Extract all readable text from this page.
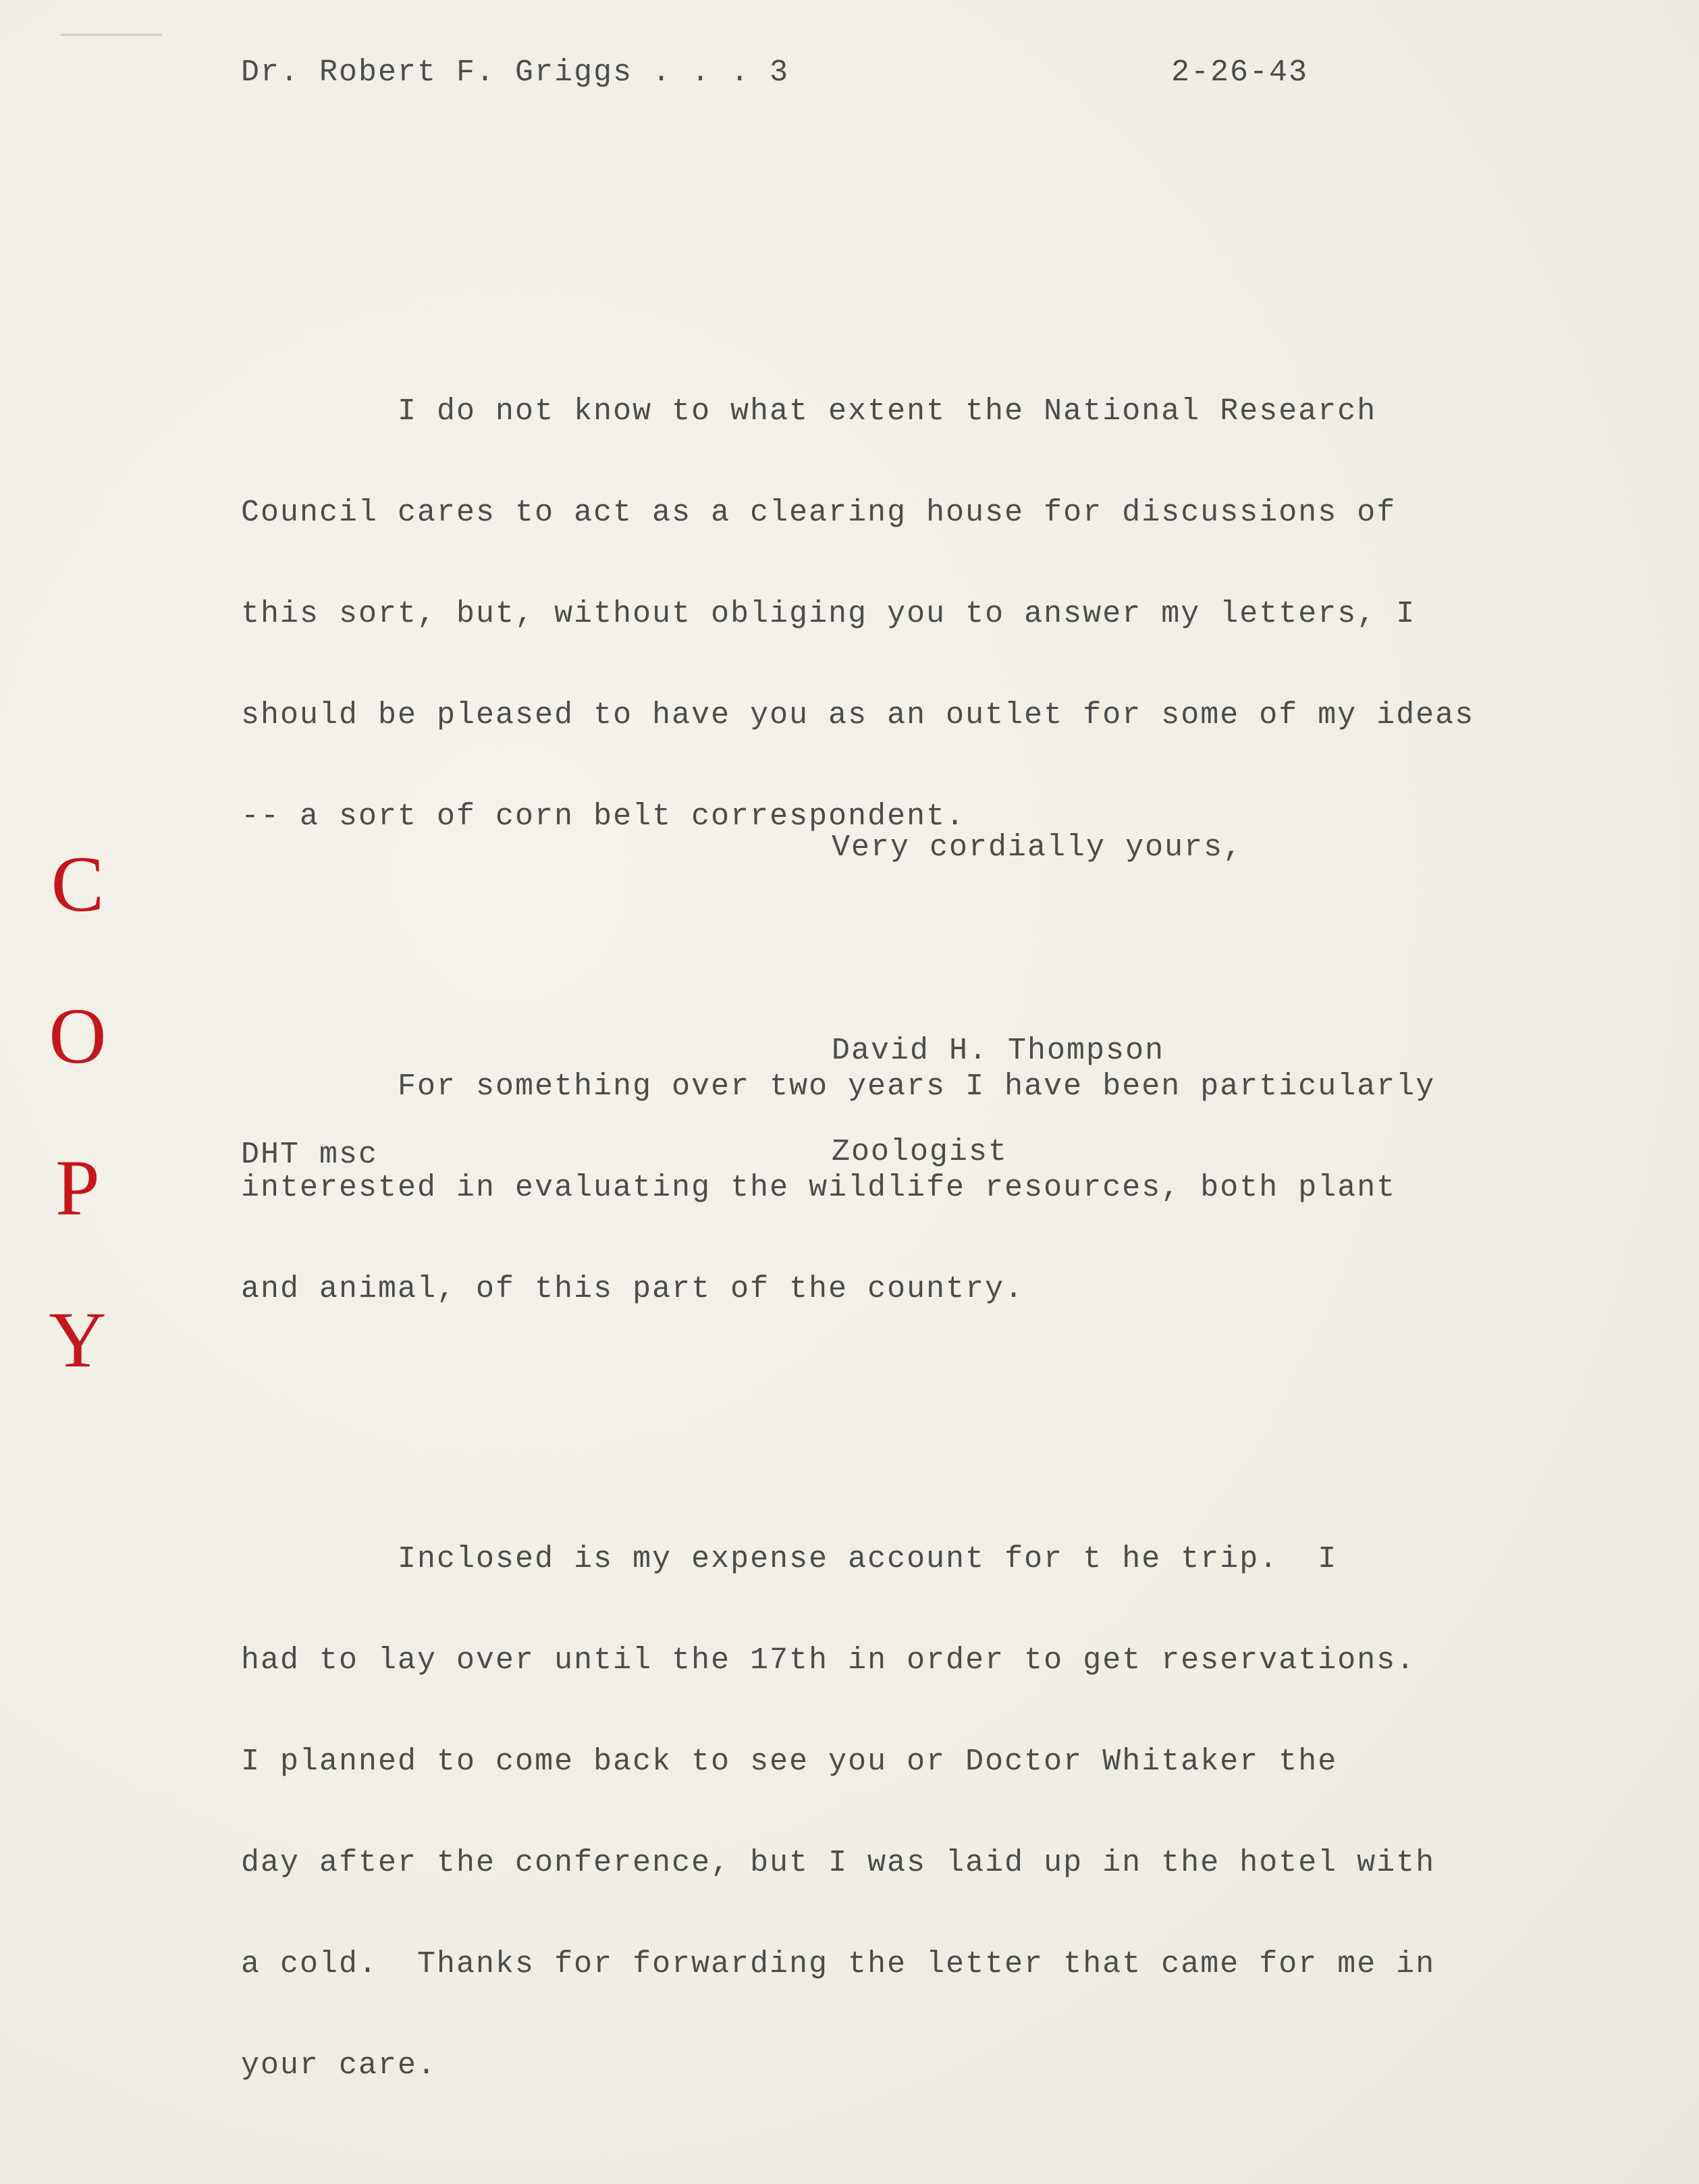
Dr. Robert F. Griggs . . . 3	2-26-43

I do not know to what extent the National Research

Council cares to act as a clearing house for discussions of

this sort, but, without obliging you to answer my letters, I

should be pleased to have you as an outlet for some of my ideas

-- a sort of corn belt correspondent.

For something over two years I have been particularly

interested in evaluating the wildlife resources, both plant

and animal, of this part of the country.

Inclosed is my expense account for t he trip.  I

had to lay over until the 17th in order to get reservations.

I planned to come back to see you or Doctor Whitaker the

day after the conference, but I was laid up in the hotel with

a cold.  Thanks for forwarding the letter that came for me in

your care.

Very cordially yours,

David H. Thompson

Zoologist

DHT msc
C
O
P
Y
